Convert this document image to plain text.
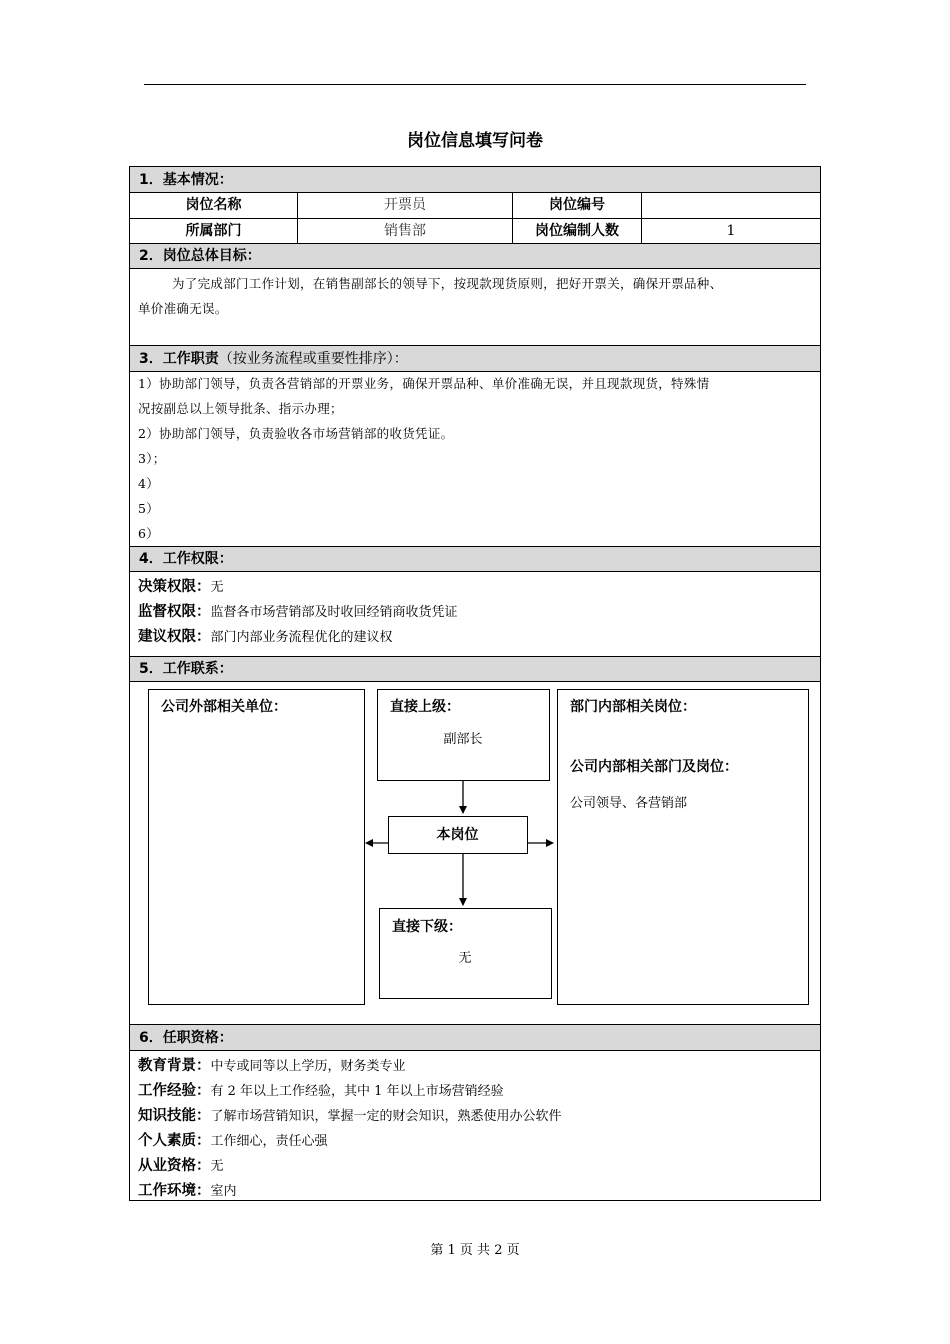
岗位信息填写问卷
1．基本情况：
岗位名称	开票员	岗位编号
所属部门	销售部	岗位编制人数	1
2．岗位总体目标：
为了完成部门工作计划，在销售副部长的领导下，按现款现货原则，把好开票关，确保开票品种、
单价准确无误。
3．工作职责（按业务流程或重要性排序）：
1）协助部门领导，负责各营销部的开票业务，确保开票品种、单价准确无误，并且现款现货，特殊情
况按副总以上领导批条、指示办理；
2）协助部门领导，负责验收各市场营销部的收货凭证。
3）；
4）
5）
6）
4．工作权限：
决策权限：无
监督权限：监督各市场营销部及时收回经销商收货凭证
建议权限：部门内部业务流程优化的建议权
5．工作联系：
公司外部相关单位：	直接上级：
副部长
本岗位
直接下级：
无
部门内部相关岗位：
公司内部相关部门及岗位：
公司领导、各营销部
6．任职资格：
教育背景：中专或同等以上学历，财务类专业
工作经验：有 2 年以上工作经验，其中 1 年以上市场营销经验
知识技能：了解市场营销知识，掌握一定的财会知识，熟悉使用办公软件
个人素质：工作细心，责任心强
从业资格：无
工作环境：室内
第 1 页 共 2 页
